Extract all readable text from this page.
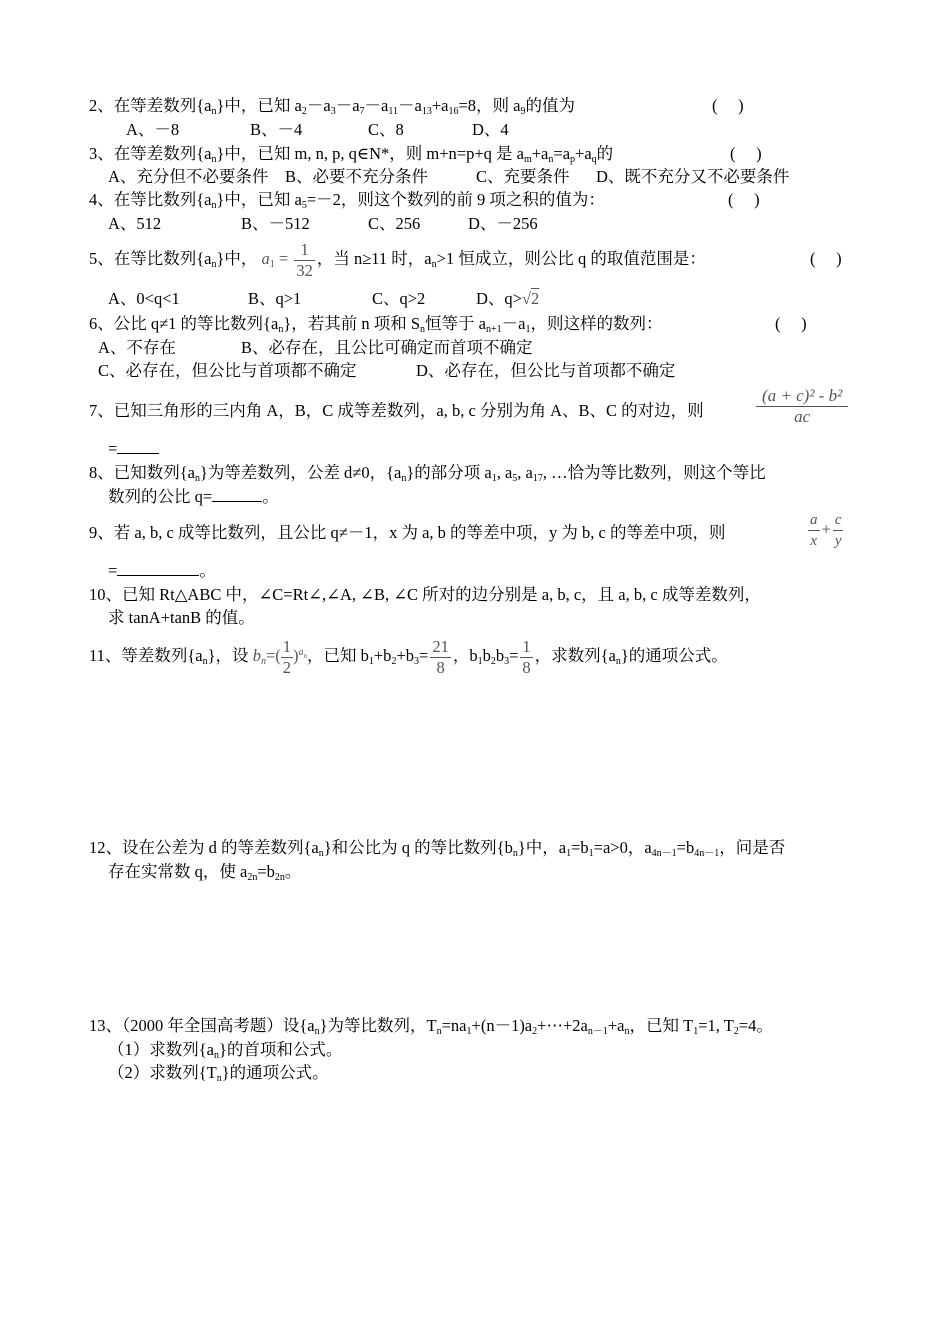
2、在等差数列$\{a_n\}$中，已知 $a_2-a_3-a_7-a_{11}-a_{13}+a_{16}=8$，则 $a_9$的值为	(　 )
A、－8	B、－4	C、8	D、4
3、在等差数列$\{a_n\}$中，已知 m, n, p, q∈N*，则 m+n=p+q 是 $a_m+a_n=a_p+a_q$的	(　 )
A、充分但不必要条件 B、必要不充分条件	C、充要条件 D、既不充分又不必要条件
4、在等比数列$\{a_n\}$中，已知 $a_5=-2$，则这个数列的前 9 项之积的值为：	(　 )
A、512	B、－512	C、256	D、－256
5、在等比数列$\{a_n\}$中， $a_1 = \frac{1}{32}$ ，当 n≥11 时，$a_n>1$ 恒成立，则公比 q 的取值范围是：	(　 )
A、0<q<1	B、q>1	C、q>2	D、q>√2
6、公比 q≠1 的等比数列$\{a_n\}$，若其前 n 项和 $S_n$恒等于 $a_{n+1}-a_1$，则这样的数列：	(　 )
A、不存在	B、必存在，且公比可确定而首项不确定
C、必存在，但公比与首项都不确定	D、必存在，但公比与首项都不确定
7、已知三角形的三内角 A，B，C 成等差数列，a, b, c 分别为角 A、B、C 的对边，则	$\frac{\text{(a + c)² - b²}}{ac}$
=
8、已知数列$\{a_n\}$为等差数列，公差 d≠0，$\{a_n\}$的部分项 $a_1$, $a_5$, $a_{17}$, …恰为等比数列，则这个等比
数列的公比 q=	。
9、若 a, b, c 成等比数列，且公比 q≠－1，x 为 a, b 的等差中项，y 为 b, c 的等差中项，则	$\frac{a}{x} + \frac{c}{y}$
=	。
10、已知 Rt△ABC 中，∠C=Rt∠,∠A, ∠B, ∠C 所对的边分别是 a, b, c，且 a, b, c 成等差数列，
求 tanA+tanB 的值。
11、等差数列$\{a_n\}$，设 $b_n=( \frac{1}{2} )^{a_n}$，已知 $b_1+b_2+b_3= \frac{21}{8}$ ，$b_1b_2b_3= \frac{1}{8}$ ，求数列$\{a_n\}$的通项公式。
12、设在公差为 d 的等差数列$\{a_n\}$和公比为 q 的等比数列$\{b_n\}$中，$a_1=b_1=a>0$，$a_{4n-1}=b_{4n-1}$，问是否
存在实常数 q，使 $a_{2n}=b_{2n}$。
13、（2000 年全国高考题）设$\{a_n\}$为等比数列，$T_n=na_1+(n-1)a_2+\cdots+2a_{n-1}+a_n$，已知 $T_1=1$, $T_2=4$。
（1）求数列$\{a_n\}$的首项和公式。
（2）求数列$\{T_n\}$的通项公式。
